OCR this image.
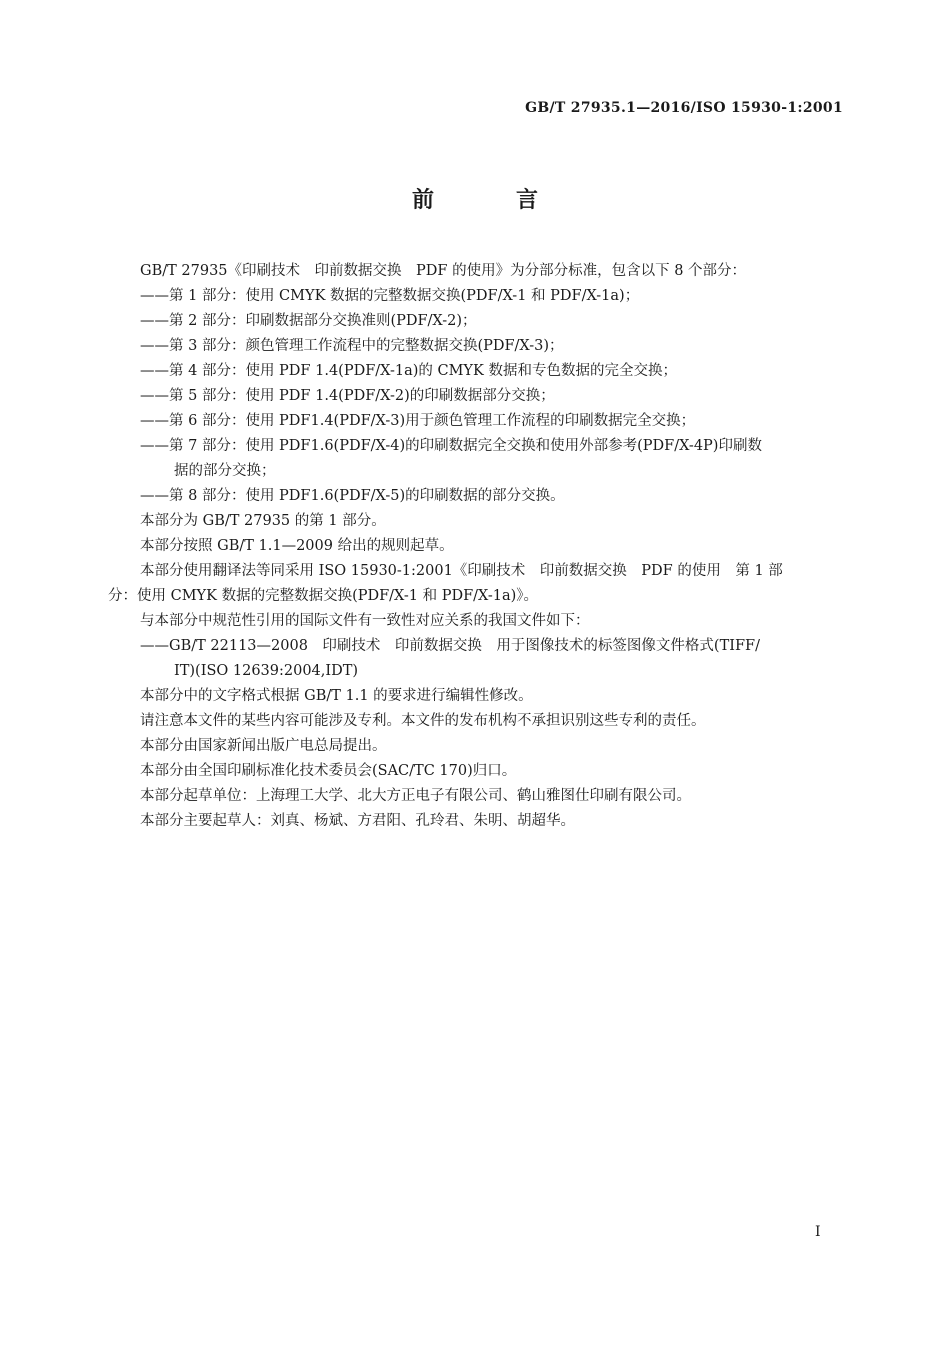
GB/T 27935.1—2016/ISO 15930-1:2001
前　言
GB/T 27935《印刷技术　印前数据交换　PDF 的使用》为分部分标准，包含以下 8 个部分：
——第 1 部分：使用 CMYK 数据的完整数据交换(PDF/X-1 和 PDF/X-1a)；
——第 2 部分：印刷数据部分交换准则(PDF/X-2)；
——第 3 部分：颜色管理工作流程中的完整数据交换(PDF/X-3)；
——第 4 部分：使用 PDF 1.4(PDF/X-1a)的 CMYK 数据和专色数据的完全交换；
——第 5 部分：使用 PDF 1.4(PDF/X-2)的印刷数据部分交换；
——第 6 部分：使用 PDF1.4(PDF/X-3)用于颜色管理工作流程的印刷数据完全交换；
——第 7 部分：使用 PDF1.6(PDF/X-4)的印刷数据完全交换和使用外部参考(PDF/X-4P)印刷数
据的部分交换；
——第 8 部分：使用 PDF1.6(PDF/X-5)的印刷数据的部分交换。
本部分为 GB/T 27935 的第 1 部分。
本部分按照 GB/T 1.1—2009 给出的规则起草。
本部分使用翻译法等同采用 ISO 15930-1:2001《印刷技术　印前数据交换　PDF 的使用　第 1 部
分：使用 CMYK 数据的完整数据交换(PDF/X-1 和 PDF/X-1a)》。
与本部分中规范性引用的国际文件有一致性对应关系的我国文件如下：
——GB/T 22113—2008　印刷技术　印前数据交换　用于图像技术的标签图像文件格式(TIFF/
IT)(ISO 12639:2004,IDT)
本部分中的文字格式根据 GB/T 1.1 的要求进行编辑性修改。
请注意本文件的某些内容可能涉及专利。本文件的发布机构不承担识别这些专利的责任。
本部分由国家新闻出版广电总局提出。
本部分由全国印刷标准化技术委员会(SAC/TC 170)归口。
本部分起草单位：上海理工大学、北大方正电子有限公司、鹤山雅图仕印刷有限公司。
本部分主要起草人：刘真、杨斌、方君阳、孔玲君、朱明、胡超华。
I
